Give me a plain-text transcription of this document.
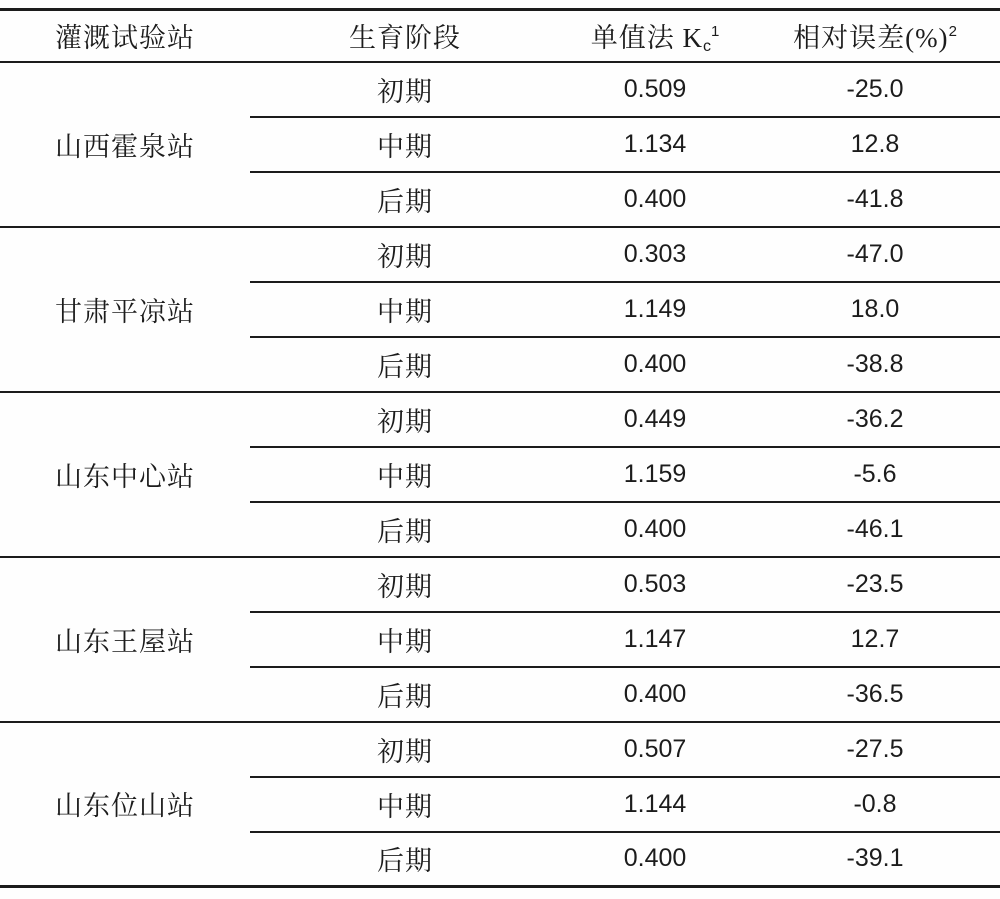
灌溉试验站	生育阶段	单值法 $K_c^1$	相对误差(%)$^2$
山西霍泉站	初期	0.509	-25.0
	中期	1.134	12.8
	后期	0.400	-41.8
甘肃平凉站	初期	0.303	-47.0
	中期	1.149	18.0
	后期	0.400	-38.8
山东中心站	初期	0.449	-36.2
	中期	1.159	-5.6
	后期	0.400	-46.1
山东王屋站	初期	0.503	-23.5
	中期	1.147	12.7
	后期	0.400	-36.5
山东位山站	初期	0.507	-27.5
	中期	1.144	-0.8
	后期	0.400	-39.1
